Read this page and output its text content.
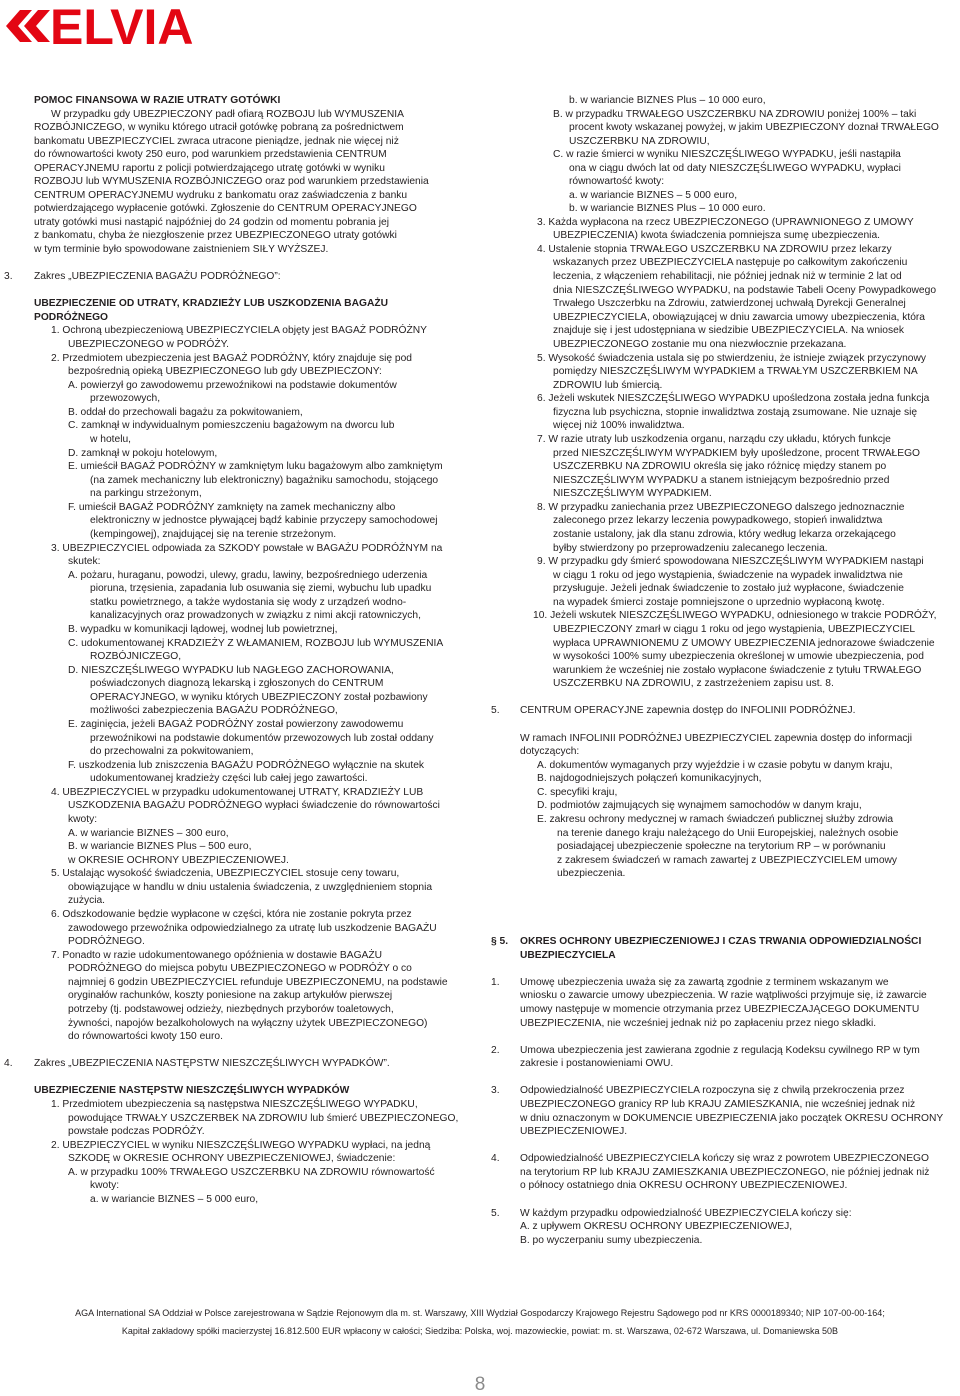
ELVIA
POMOC FINANSOWA W RAZIE UTRATY GOTÓWKI
W przypadku gdy UBEZPIECZONY padł ofiarą ROZBOJU lub WYMUSZENIA
ROZBÓJNICZEGO, w wyniku którego utracił gotówkę pobraną za pośrednictwem
bankomatu UBEZPIECZYCIEL zwraca utracone pieniądze, jednak nie więcej niż
do równowartości kwoty 250 euro, pod warunkiem przedstawienia CENTRUM
OPERACYJNEMU raportu z policji potwierdzającego utratę gotówki w wyniku
ROZBOJU lub WYMUSZENIA ROZBÓJNICZEGO oraz pod warunkiem przedstawienia
CENTRUM OPERACYJNEMU wydruku z bankomatu oraz zaświadczenia z banku
potwierdzającego wypłacenie gotówki. Zgłoszenie do CENTRUM OPERACYJNEGO
utraty gotówki musi nastąpić najpóźniej do 24 godzin od momentu pobrania jej
z bankomatu, chyba że niezgłoszenie przez UBEZPIECZONEGO utraty gotówki
w tym terminie było spowodowane zaistnieniem SIŁY WYŻSZEJ.
3. Zakres „UBEZPIECZENIA BAGAŻU PODRÓŻNEGO”:
UBEZPIECZENIE OD UTRATY, KRADZIEŻY LUB USZKODZENIA BAGAŻU
PODRÓŻNEGO
1. Ochroną ubezpieczeniową UBEZPIECZYCIELA objęty jest BAGAŻ PODRÓŻNY
UBEZPIECZONEGO w PODRÓŻY.
2. Przedmiotem ubezpieczenia jest BAGAŻ PODRÓŻNY, który znajduje się pod
bezpośrednią opieką UBEZPIECZONEGO lub gdy UBEZPIECZONY:
A. powierzył go zawodowemu przewoźnikowi na podstawie dokumentów
przewozowych,
B. oddał do przechowali bagażu za pokwitowaniem,
C. zamknął w indywidualnym pomieszczeniu bagażowym na dworcu lub
w hotelu,
D. zamknął w pokoju hotelowym,
E. umieścił BAGAŻ PODRÓŻNY w zamkniętym luku bagażowym albo zamkniętym
(na zamek mechaniczny lub elektroniczny) bagażniku samochodu, stojącego
na parkingu strzeżonym,
F. umieścił BAGAŻ PODRÓŻNY zamknięty na zamek mechaniczny albo
elektroniczny w jednostce pływającej bądź kabinie przyczepy samochodowej
(kempingowej), znajdującej się na terenie strzeżonym.
3. UBEZPIECZYCIEL odpowiada za SZKODY powstałe w BAGAŻU PODRÓŻNYM na
skutek:
A. pożaru, huraganu, powodzi, ulewy, gradu, lawiny, bezpośredniego uderzenia
pioruna, trzęsienia, zapadania lub osuwania się ziemi, wybuchu lub upadku
statku powietrznego, a także wydostania się wody z urządzeń wodno-
kanalizacyjnych oraz prowadzonych w związku z nimi akcji ratowniczych,
B. wypadku w komunikacji lądowej, wodnej lub powietrznej,
C. udokumentowanej KRADZIEŻY Z WŁAMANIEM, ROZBOJU lub WYMUSZENIA
ROZBÓJNICZEGO,
D. NIESZCZĘŚLIWEGO WYPADKU lub NAGŁEGO ZACHOROWANIA,
poświadczonych diagnozą lekarską i zgłoszonych do CENTRUM
OPERACYJNEGO, w wyniku których UBEZPIECZONY został pozbawiony
możliwości zabezpieczenia BAGAŻU PODRÓŻNEGO,
E. zaginięcia, jeżeli BAGAŻ PODRÓŻNY został powierzony zawodowemu
przewoźnikowi na podstawie dokumentów przewozowych lub został oddany
do przechowalni za pokwitowaniem,
F. uszkodzenia lub zniszczenia BAGAŻU PODRÓŻNEGO wyłącznie na skutek
udokumentowanej kradzieży części lub całej jego zawartości.
4. UBEZPIECZYCIEL w przypadku udokumentowanej UTRATY, KRADZIEŻY LUB
USZKODZENIA BAGAŻU PODRÓŻNEGO wypłaci świadczenie do równowartości
kwoty:
A. w wariancie BIZNES – 300 euro,
B. w wariancie BIZNES Plus – 500 euro,
w OKRESIE OCHRONY UBEZPIECZENIOWEJ.
5. Ustalając wysokość świadczenia, UBEZPIECZYCIEL stosuje ceny towaru,
obowiązujące w handlu w dniu ustalenia świadczenia, z uwzględnieniem stopnia
zużycia.
6. Odszkodowanie będzie wypłacone w części, która nie zostanie pokryta przez
zawodowego przewoźnika odpowiedzialnego za utratę lub uszkodzenie BAGAŻU
PODRÓŻNEGO.
7. Ponadto w razie udokumentowanego opóźnienia w dostawie BAGAŻU
PODRÓŻNEGO do miejsca pobytu UBEZPIECZONEGO w PODRÓŻY o co
najmniej 6 godzin UBEZPIECZYCIEL refunduje UBEZPIECZONEMU, na podstawie
oryginałów rachunków, koszty poniesione na zakup artykułów pierwszej
potrzeby (tj. podstawowej odzieży, niezbędnych przyborów toaletowych,
żywności, napojów bezalkoholowych na wyłączny użytek UBEZPIECZONEGO)
do równowartości kwoty 150 euro.
4. Zakres „UBEZPIECZENIA NASTĘPSTW NIESZCZĘŚLIWYCH WYPADKÓW”.
UBEZPIECZENIE NASTĘPSTW NIESZCZĘŚLIWYCH WYPADKÓW
1. Przedmiotem ubezpieczenia są następstwa NIESZCZĘŚLIWEGO WYPADKU,
powodujące TRWAŁY USZCZERBEK NA ZDROWIU lub śmierć UBEZPIECZONEGO,
powstałe podczas PODRÓŻY.
2. UBEZPIECZYCIEL w wyniku NIESZCZĘŚLIWEGO WYPADKU wypłaci, na jedną
SZKODĘ w OKRESIE OCHRONY UBEZPIECZENIOWEJ, świadczenie:
A. w przypadku 100% TRWAŁEGO USZCZERBKU NA ZDROWIU równowartość
kwoty:
a. w wariancie BIZNES – 5 000 euro,
b. w wariancie BIZNES Plus – 10 000 euro,
B. w przypadku TRWAŁEGO USZCZERBKU NA ZDROWIU poniżej 100% – taki
procent kwoty wskazanej powyżej, w jakim UBEZPIECZONY doznał TRWAŁEGO
USZCZERBKU NA ZDROWIU,
C. w razie śmierci w wyniku NIESZCZĘŚLIWEGO WYPADKU, jeśli nastąpiła
ona w ciągu dwóch lat od daty NIESZCZĘŚLIWEGO WYPADKU, wypłaci
równowartość kwoty:
a. w wariancie BIZNES – 5 000 euro,
b. w wariancie BIZNES Plus – 10 000 euro.
3. Każda wypłacona na rzecz UBEZPIECZONEGO (UPRAWNIONEGO Z UMOWY
UBEZPIECZENIA) kwota świadczenia pomniejsza sumę ubezpieczenia.
4. Ustalenie stopnia TRWAŁEGO USZCZERBKU NA ZDROWIU przez lekarzy
wskazanych przez UBEZPIECZYCIELA następuje po całkowitym zakończeniu
leczenia, z włączeniem rehabilitacji, nie później jednak niż w terminie 2 lat od
dnia NIESZCZĘŚLIWEGO WYPADKU, na podstawie Tabeli Oceny Powypadkowego
Trwałego Uszczerbku na Zdrowiu, zatwierdzonej uchwałą Dyrekcji Generalnej
UBEZPIECZYCIELA, obowiązującej w dniu zawarcia umowy ubezpieczenia, która
znajduje się i jest udostępniana w siedzibie UBEZPIECZYCIELA. Na wniosek
UBEZPIECZONEGO zostanie mu ona niezwłocznie przekazana.
5. Wysokość świadczenia ustala się po stwierdzeniu, że istnieje związek przyczynowy
pomiędzy NIESZCZĘŚLIWYM WYPADKIEM a TRWAŁYM USZCZERBKIEM NA
ZDROWIU lub śmiercią.
6. Jeżeli wskutek NIESZCZĘŚLIWEGO WYPADKU upośledzona została jedna funkcja
fizyczna lub psychiczna, stopnie inwalidztwa zostają zsumowane. Nie uznaje się
więcej niż 100% inwalidztwa.
7. W razie utraty lub uszkodzenia organu, narządu czy układu, których funkcje
przed NIESZCZĘŚLIWYM WYPADKIEM były upośledzone, procent TRWAŁEGO
USZCZERBKU NA ZDROWIU określa się jako różnicę między stanem po
NIESZCZĘŚLIWYM WYPADKU a stanem istniejącym bezpośrednio przed
NIESZCZĘŚLIWYM WYPADKIEM.
8. W przypadku zaniechania przez UBEZPIECZONEGO dalszego jednoznacznie
zaleconego przez lekarzy leczenia powypadkowego, stopień inwalidztwa
zostanie ustalony, jak dla stanu zdrowia, który według lekarza orzekającego
byłby stwierdzony po przeprowadzeniu zalecanego leczenia.
9. W przypadku gdy śmierć spowodowana NIESZCZĘŚLIWYM WYPADKIEM nastąpi
w ciągu 1 roku od jego wystąpienia, świadczenie na wypadek inwalidztwa nie
przysługuje. Jeżeli jednak świadczenie to zostało już wypłacone, świadczenie
na wypadek śmierci zostaje pomniejszone o uprzednio wypłaconą kwotę.
10. Jeżeli wskutek NIESZCZĘŚLIWEGO WYPADKU, odniesionego w trakcie PODRÓŻY,
UBEZPIECZONY zmarł w ciągu 1 roku od jego wystąpienia, UBEZPIECZYCIEL
wypłaca UPRAWNIONEMU Z UMOWY UBEZPIECZENIA jednorazowe świadczenie
w wysokości 100% sumy ubezpieczenia określonej w umowie ubezpieczenia, pod
warunkiem że wcześniej nie zostało wypłacone świadczenie z tytułu TRWAŁEGO
USZCZERBKU NA ZDROWIU, z zastrzeżeniem zapisu ust. 8.
5. CENTRUM OPERACYJNE zapewnia dostęp do INFOLINII PODRÓŻNEJ.
W ramach INFOLINII PODRÓŻNEJ UBEZPIECZYCIEL zapewnia dostęp do informacji
dotyczących:
A. dokumentów wymaganych przy wyjeździe i w czasie pobytu w danym kraju,
B. najdogodniejszych połączeń komunikacyjnych,
C. specyfiki kraju,
D. podmiotów zajmujących się wynajmem samochodów w danym kraju,
E. zakresu ochrony medycznej w ramach świadczeń publicznej służby zdrowia
na terenie danego kraju należącego do Unii Europejskiej, należnych osobie
posiadającej ubezpieczenie społeczne na terytorium RP – w porównaniu
z zakresem świadczeń w ramach zawartej z UBEZPIECZYCIELEM umowy
ubezpieczenia.
§ 5. OKRES OCHRONY UBEZPIECZENIOWEJ I CZAS TRWANIA ODPOWIEDZIALNOŚCI
UBEZPIECZYCIELA
1. Umowę ubezpieczenia uważa się za zawartą zgodnie z terminem wskazanym we
wniosku o zawarcie umowy ubezpieczenia. W razie wątpliwości przyjmuje się, iż zawarcie
umowy następuje w momencie otrzymania przez UBEZPIECZAJĄCEGO DOKUMENTU
UBEZPIECZENIA, nie wcześniej jednak niż po zapłaceniu przez niego składki.
2. Umowa ubezpieczenia jest zawierana zgodnie z regulacją Kodeksu cywilnego RP w tym
zakresie i postanowieniami OWU.
3. Odpowiedzialność UBEZPIECZYCIELA rozpoczyna się z chwilą przekroczenia przez
UBEZPIECZONEGO granicy RP lub KRAJU ZAMIESZKANIA, nie wcześniej jednak niż
w dniu oznaczonym w DOKUMENCIE UBEZPIECZENIA jako początek OKRESU OCHRONY
UBEZPIECZENIOWEJ.
4. Odpowiedzialność UBEZPIECZYCIELA kończy się wraz z powrotem UBEZPIECZONEGO
na terytorium RP lub KRAJU ZAMIESZKANIA UBEZPIECZONEGO, nie później jednak niż
o północy ostatniego dnia OKRESU OCHRONY UBEZPIECZENIOWEJ.
5. W każdym przypadku odpowiedzialność UBEZPIECZYCIELA kończy się:
A. z upływem OKRESU OCHRONY UBEZPIECZENIOWEJ,
B. po wyczerpaniu sumy ubezpieczenia.
AGA International SA Oddział w Polsce zarejestrowana w Sądzie Rejonowym dla m. st. Warszawy, XIII Wydział Gospodarczy Krajowego Rejestru Sądowego pod nr KRS 0000189340; NIP 107-00-00-164;
Kapitał zakładowy spółki macierzystej 16.812.500 EUR wpłacony w całości; Siedziba: Polska, woj. mazowieckie, powiat: m. st. Warszawa, 02-672 Warszawa, ul. Domaniewska 50B
8
